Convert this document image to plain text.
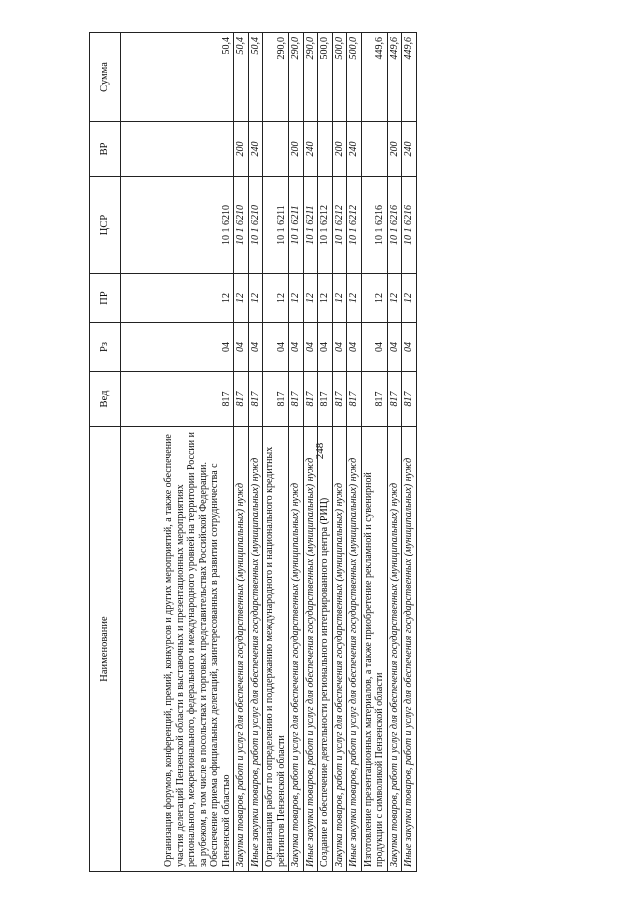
248
Наименование	Вед	Рз	ПР	ЦСР	ВР	Сумма
Организация форумов, конференций, премий, конкурсов и других мероприятий, а также обеспечение участия делегаций Пензенской области в выставочных и презентационных мероприятиях регионального, межрегионального, федерального и международного уровней на территории России и за рубежом, в том числе в посольствах и торговых представительствах Российской Федерации. Обеспечение приема официальных делегаций, заинтересованных в развитии сотрудничества с Пензенской областью	817	04	12	10 1 6210		50,4
Закупка товаров, работ и услуг для обеспечения государственных (муниципальных) нужд	817	04	12	10 1 6210	200	50,4
Иные закупки товаров, работ и услуг для обеспечения государственных (муниципальных) нужд	817	04	12	10 1 6210	240	50,4
Организация работ по определению и поддержанию международного и национального кредитных рейтингов Пензенской области	817	04	12	10 1 6211		290,0
Закупка товаров, работ и услуг для обеспечения государственных (муниципальных) нужд	817	04	12	10 1 6211	200	290,0
Иные закупки товаров, работ и услуг для обеспечения государственных (муниципальных) нужд	817	04	12	10 1 6211	240	290,0
Создание и обеспечение деятельности регионального интегрированного центра (РИЦ)	817	04	12	10 1 6212		500,0
Закупка товаров, работ и услуг для обеспечения государственных (муниципальных) нужд	817	04	12	10 1 6212	200	500,0
Иные закупки товаров, работ и услуг для обеспечения государственных (муниципальных) нужд	817	04	12	10 1 6212	240	500,0
Изготовление презентационных материалов, а также приобретение рекламной и сувенирной продукции с символикой Пензенской области	817	04	12	10 1 6216		449,6
Закупка товаров, работ и услуг для обеспечения государственных (муниципальных) нужд	817	04	12	10 1 6216	200	449,6
Иные закупки товаров, работ и услуг для обеспечения государственных (муниципальных) нужд	817	04	12	10 1 6216	240	449,6
